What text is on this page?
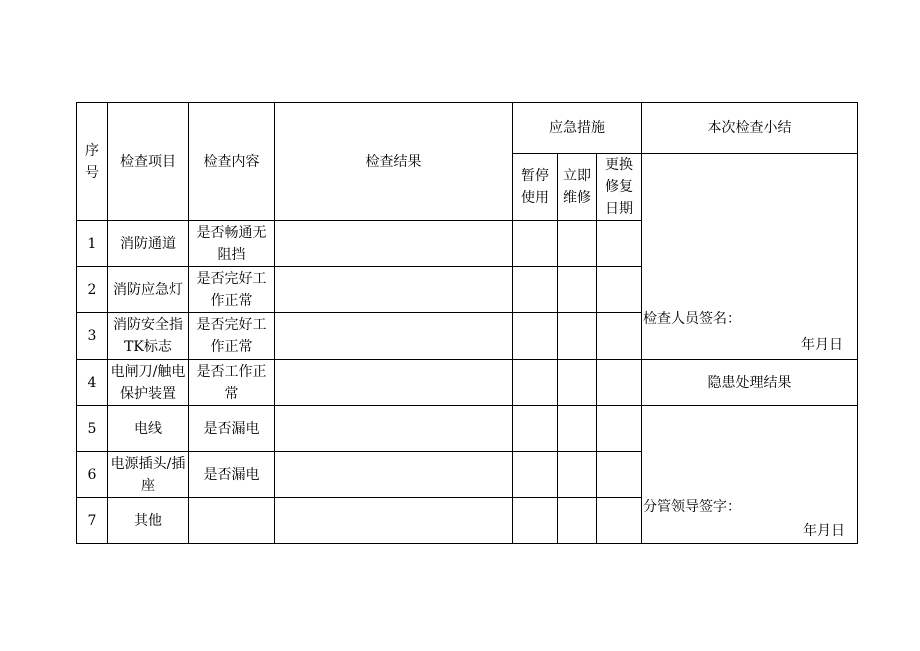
序号	检查项目	检查内容	检查结果	应急措施			本次检查小结
				暂停使用	立即维修	更换修复日期	检查人员签名：
年月日

1	消防通道	是否畅通无阻挡					
2	消防应急灯	是否完好工作正常					
3	消防安全指TK标志	是否完好工作正常					
4	电闸刀/触电保护装置	是否工作正常					隐患处理结果
5	电线	是否漏电					分管领导签字：
年月日

6	电源插头/插座	是否漏电					
7	其他						
